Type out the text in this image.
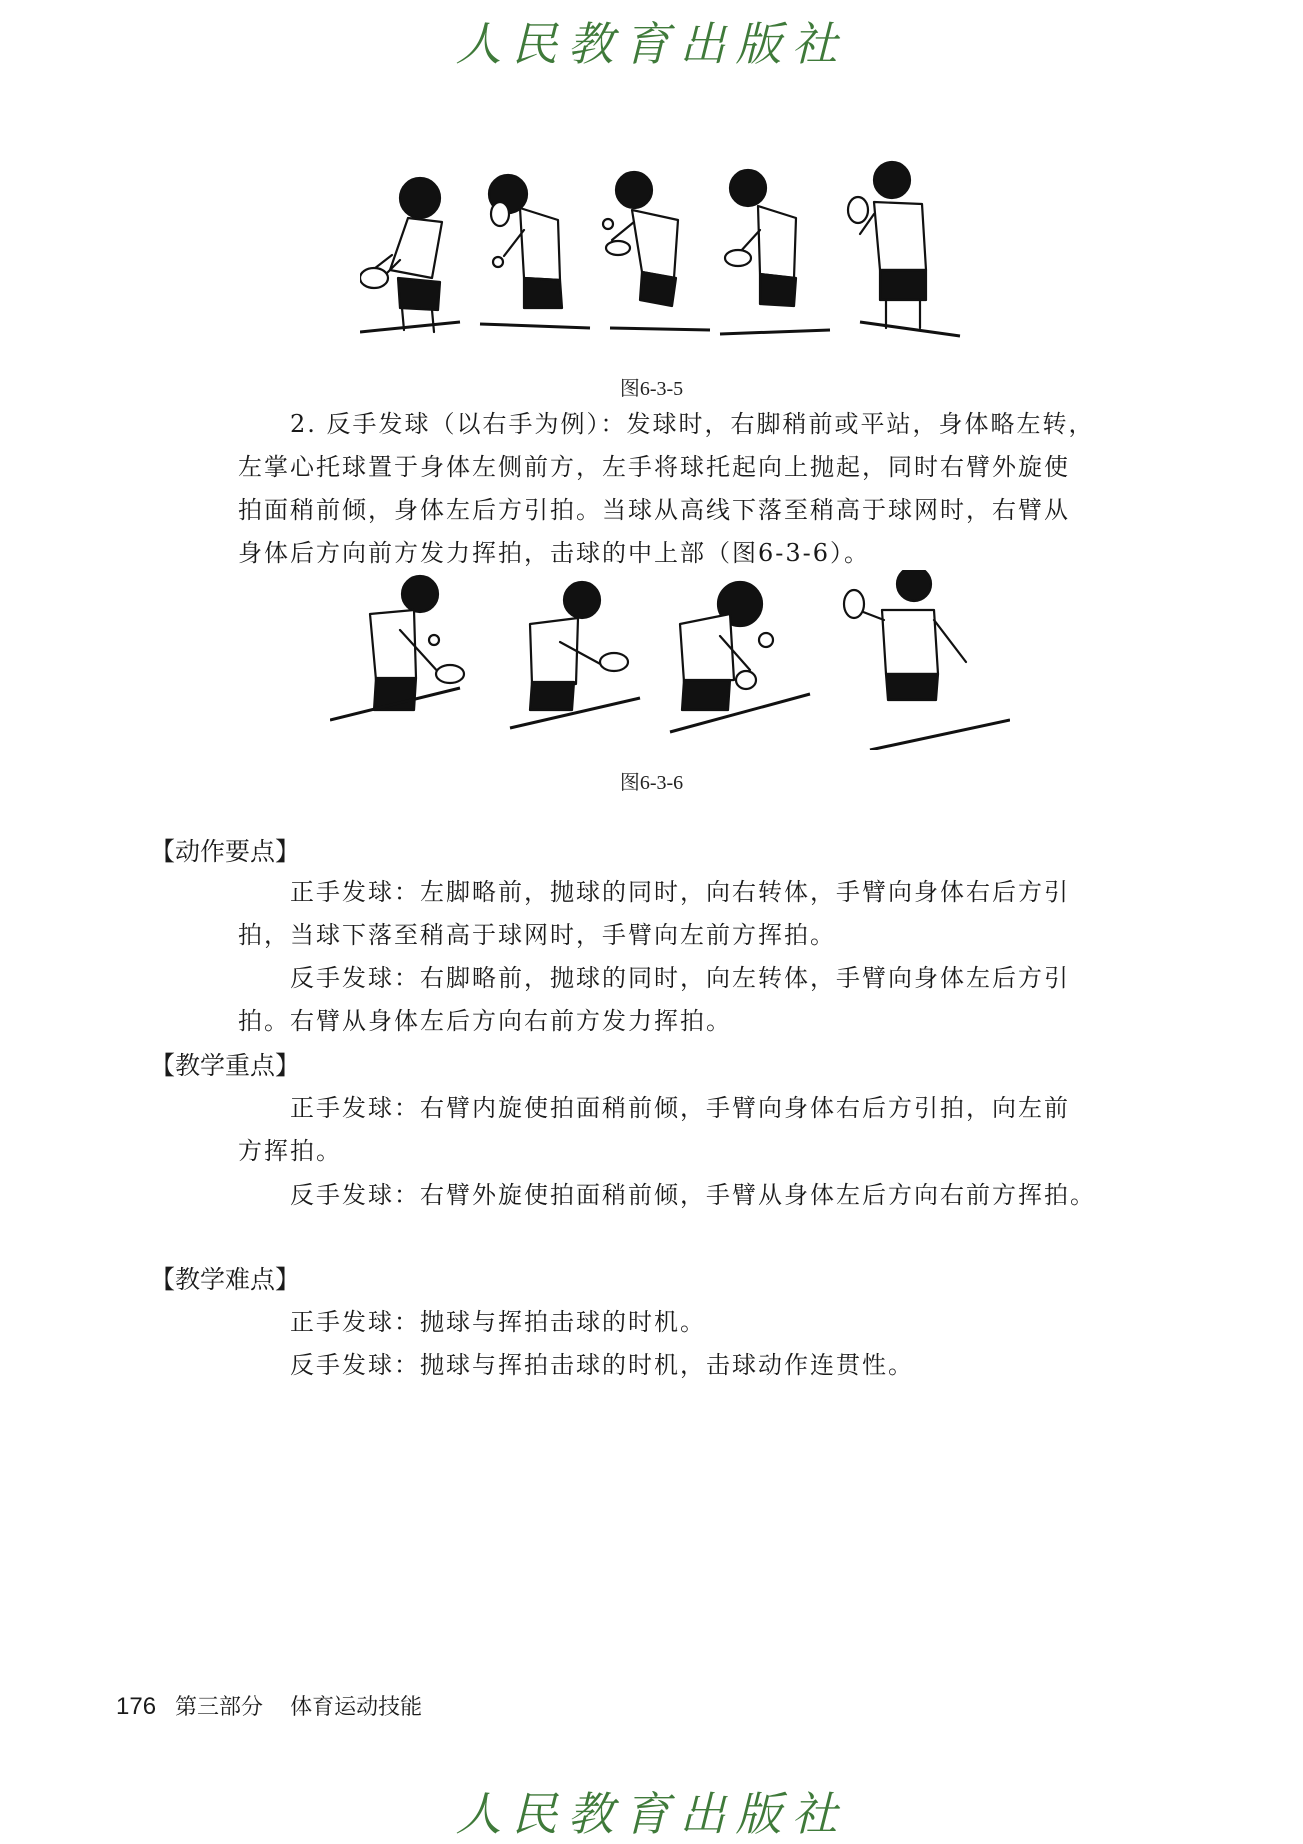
人民教育出版社
图6-3-5
2. 反手发球（以右手为例）：发球时，右脚稍前或平站，身体略左转，
左掌心托球置于身体左侧前方，左手将球托起向上抛起，同时右臂外旋使
拍面稍前倾，身体左后方引拍。当球从高线下落至稍高于球网时，右臂从
身体后方向前方发力挥拍，击球的中上部（图6-3-6）。
图6-3-6
【动作要点】
正手发球：左脚略前，抛球的同时，向右转体，手臂向身体右后方引
拍，当球下落至稍高于球网时，手臂向左前方挥拍。
反手发球：右脚略前，抛球的同时，向左转体，手臂向身体左后方引
拍。右臂从身体左后方向右前方发力挥拍。
【教学重点】
正手发球：右臂内旋使拍面稍前倾，手臂向身体右后方引拍，向左前
方挥拍。
反手发球：右臂外旋使拍面稍前倾，手臂从身体左后方向右前方挥拍。
【教学难点】
正手发球：抛球与挥拍击球的时机。
反手发球：抛球与挥拍击球的时机，击球动作连贯性。
176 第三部分 体育运动技能
人民教育出版社
